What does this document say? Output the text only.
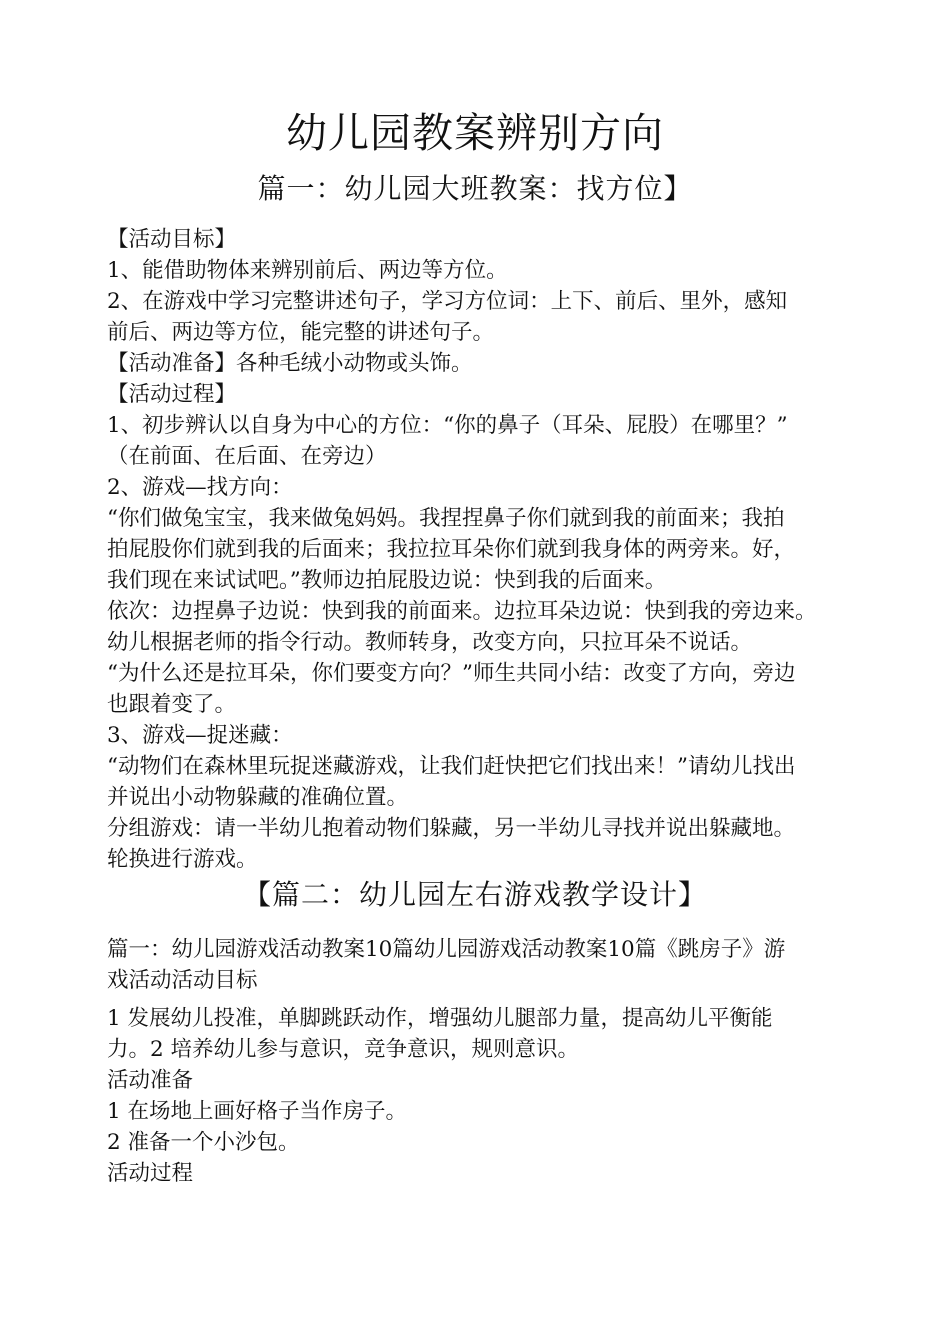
幼儿园教案辨别方向
篇一：幼儿园大班教案：找方位】
【活动目标】
1、能借助物体来辨别前后、两边等方位。
2、在游戏中学习完整讲述句子，学习方位词：上下、前后、里外，感知
前后、两边等方位，能完整的讲述句子。
【活动准备】各种毛绒小动物或头饰。
【活动过程】
1、初步辨认以自身为中心的方位：“你的鼻子（耳朵、屁股）在哪里？”
（在前面、在后面、在旁边）
2、游戏—找方向：
“你们做兔宝宝，我来做兔妈妈。我捏捏鼻子你们就到我的前面来；我拍
拍屁股你们就到我的后面来；我拉拉耳朵你们就到我身体的两旁来。好，
我们现在来试试吧。”教师边拍屁股边说：快到我的后面来。
依次：边捏鼻子边说：快到我的前面来。边拉耳朵边说：快到我的旁边来。
幼儿根据老师的指令行动。教师转身，改变方向，只拉耳朵不说话。
“为什么还是拉耳朵，你们要变方向？”师生共同小结：改变了方向，旁边
也跟着变了。
3、游戏—捉迷藏：
“动物们在森林里玩捉迷藏游戏，让我们赶快把它们找出来！”请幼儿找出
并说出小动物躲藏的准确位置。
分组游戏：请一半幼儿抱着动物们躲藏，另一半幼儿寻找并说出躲藏地。
轮换进行游戏。
【篇二：幼儿园左右游戏教学设计】
篇一：幼儿园游戏活动教案10篇幼儿园游戏活动教案10篇《跳房子》游
戏活动活动目标
1 发展幼儿投准，单脚跳跃动作，增强幼儿腿部力量，提高幼儿平衡能
力。2 培养幼儿参与意识，竞争意识，规则意识。
活动准备
1 在场地上画好格子当作房子。
2 准备一个小沙包。
活动过程
